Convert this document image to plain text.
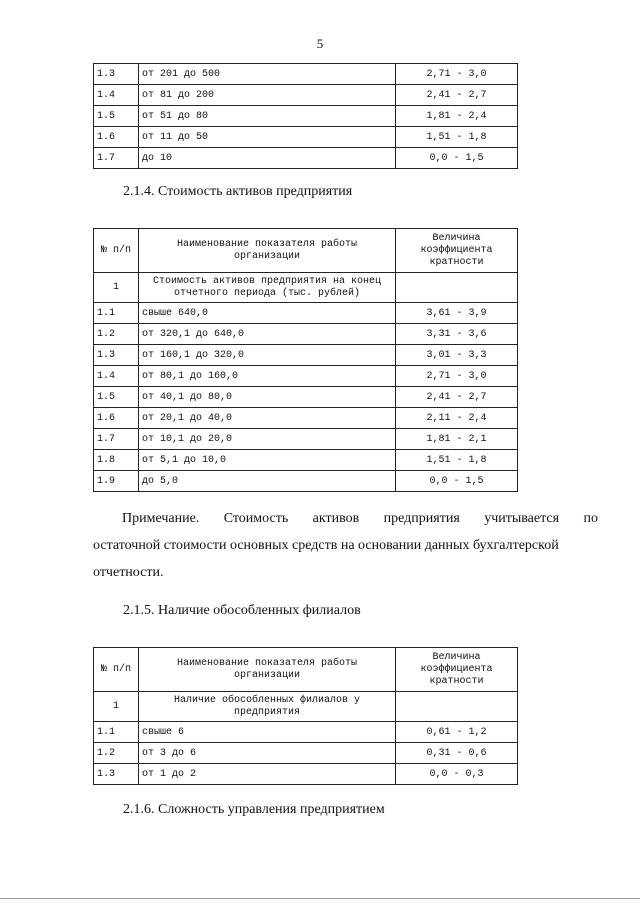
5
1.3	от 201 до 500	2,71 - 3,0
1.4	от 81 до 200	2,41 - 2,7
1.5	от 51 до 80	1,81 - 2,4
1.6	от 11 до 50	1,51 - 1,8
1.7	до 10	0,0 - 1,5
2.1.4. Стоимость активов предприятия
№ п/п	Наименование показателя работы организации	Величина коэффициента кратности
1	Стоимость активов предприятия на конец отчетного периода (тыс. рублей)	
1.1	свыше 640,0	3,61 - 3,9
1.2	от 320,1 до 640,0	3,31 - 3,6
1.3	от 160,1 до 320,0	3,01 - 3,3
1.4	от 80,1 до 160,0	2,71 - 3,0
1.5	от 40,1 до 80,0	2,41 - 2,7
1.6	от 20,1 до 40,0	2,11 - 2,4
1.7	от 10,1 до 20,0	1,81 - 2,1
1.8	от 5,1 до 10,0	1,51 - 1,8
1.9	до 5,0	0,0 - 1,5
Примечание. Стоимость активов предприятия учитывается по
остаточной стоимости основных средств на основании данных бухгалтерской отчетности.
2.1.5. Наличие обособленных филиалов
№ п/п	Наименование показателя работы организации	Величина коэффициента кратности
1	Наличие обособленных филиалов у предприятия	
1.1	свыше 6	0,61 - 1,2
1.2	от 3 до 6	0,31 - 0,6
1.3	от 1 до 2	0,0 - 0,3
2.1.6. Сложность управления предприятием
